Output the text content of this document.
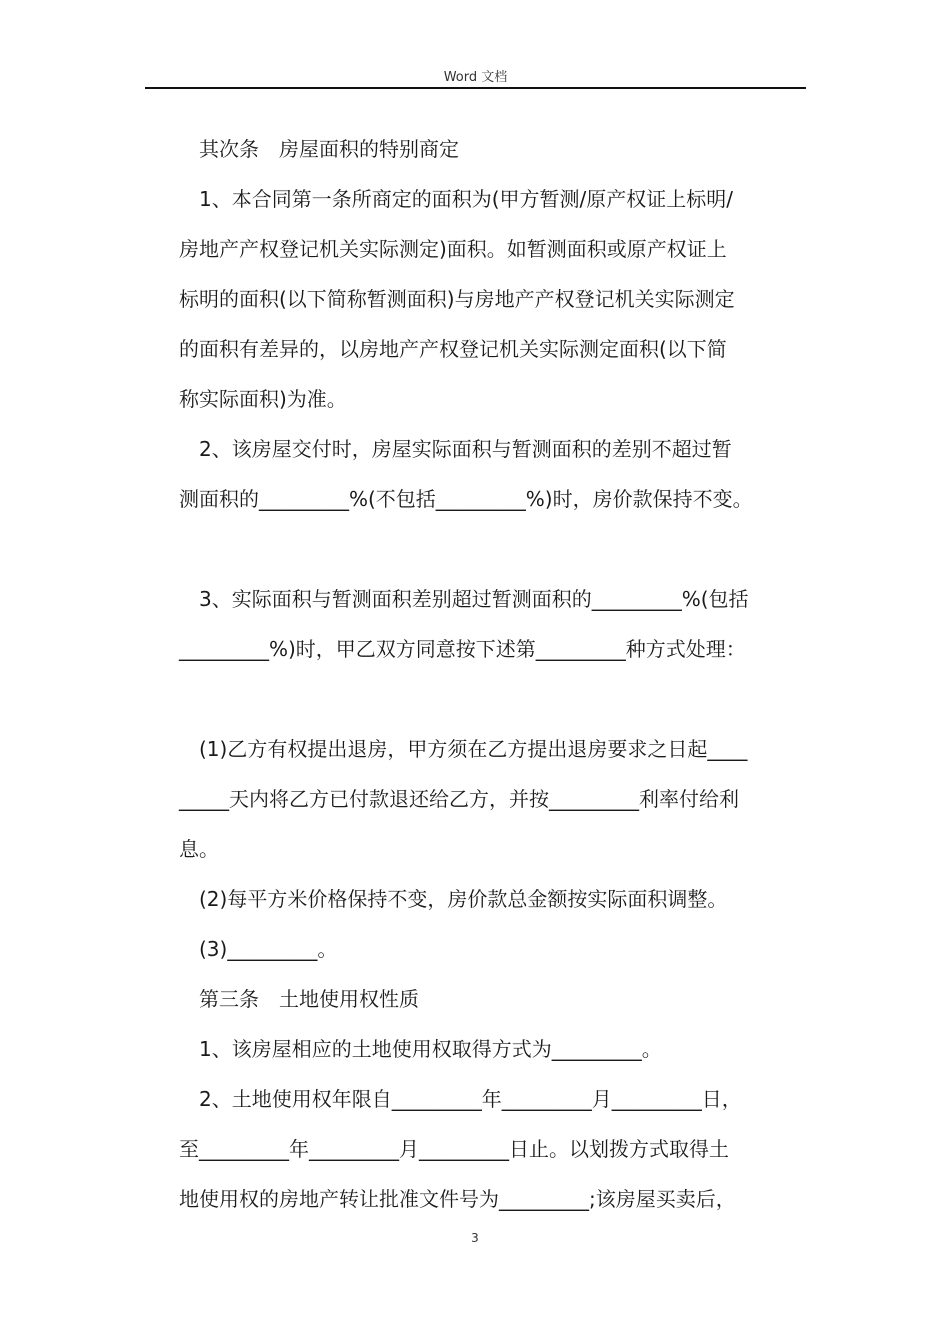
Word 文档

其次条　房屋面积的特别商定

1、本合同第一条所商定的面积为(甲方暂测/原产权证上标明/

房地产产权登记机关实际测定)面积。如暂测面积或原产权证上

标明的面积(以下简称暂测面积)与房地产产权登记机关实际测定

的面积有差异的，以房地产产权登记机关实际测定面积(以下简

称实际面积)为准。

2、该房屋交付时，房屋实际面积与暂测面积的差别不超过暂

测面积的_________%(不包括_________%)时，房价款保持不变。

3、实际面积与暂测面积差别超过暂测面积的_________%(包括

_________%)时，甲乙双方同意按下述第_________种方式处理：

(1)乙方有权提出退房，甲方须在乙方提出退房要求之日起____

_____天内将乙方已付款退还给乙方，并按_________利率付给利

息。

(2)每平方米价格保持不变，房价款总金额按实际面积调整。

(3)_________。

第三条　土地使用权性质

1、该房屋相应的土地使用权取得方式为_________。

2、土地使用权年限自_________年_________月_________日，

至_________年_________月_________日止。以划拨方式取得土

地使用权的房地产转让批准文件号为_________;该房屋买卖后，

3
